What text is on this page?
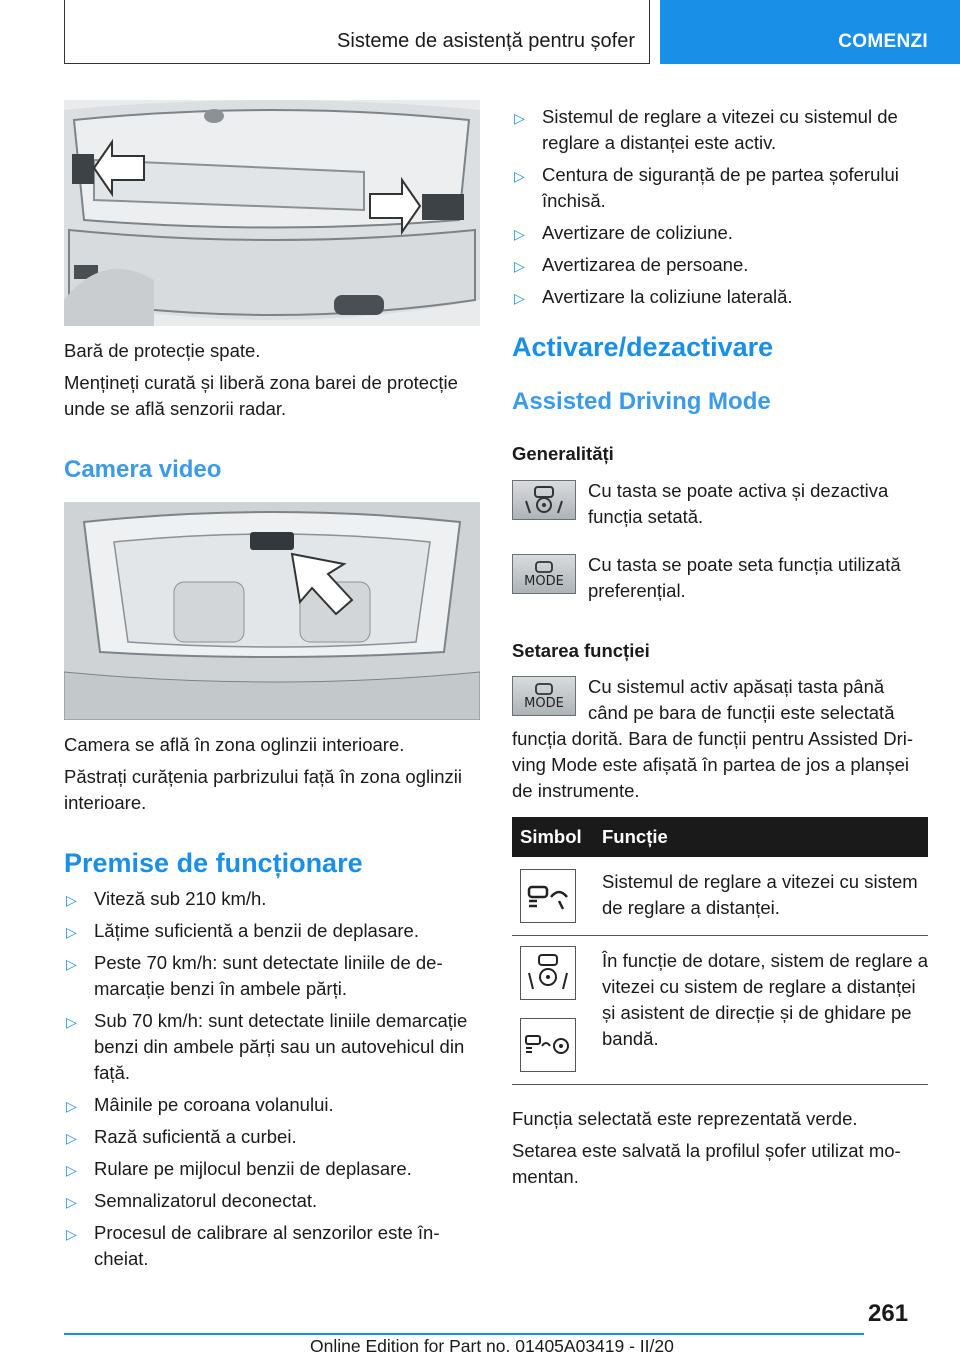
Sisteme de asistență pentru șofer	COMENZI

Bară de protecție spate.

Mențineți curată și liberă zona barei de protecție unde se află senzorii radar.

Camera video

Camera se află în zona oglinzii interioare.

Păstrați curățenia parbrizului față în zona oglinzii interioare.

Premise de funcționare
▷ Viteză sub 210 km/h.
▷ Lățime suficientă a benzii de deplasare.
▷ Peste 70 km/h: sunt detectate liniile de demarcație benzi în ambele părți.
▷ Sub 70 km/h: sunt detectate liniile demarcație benzi din ambele părți sau un autovehicul din față.
▷ Mâinile pe coroana volanului.
▷ Rază suficientă a curbei.
▷ Rulare pe mijlocul benzii de deplasare.
▷ Semnalizatorul deconectat.
▷ Procesul de calibrare al senzorilor este încheiat.
▷ Sistemul de reglare a vitezei cu sistemul de reglare a distanței este activ.
▷ Centura de siguranță de pe partea șoferului închisă.
▷ Avertizare de coliziune.
▷ Avertizarea de persoane.
▷ Avertizare la coliziune laterală.
Activare/dezactivare
Assisted Driving Mode
Generalități

Cu tasta se poate activa și dezactiva funcția setată.

MODE

Cu tasta se poate seta funcția utilizată preferențial.

Setarea funcției
MODE

Cu sistemul activ apăsați tasta până când pe bara de funcții este selectată

funcția dorită. Bara de funcții pentru Assisted Driving Mode este afișată în partea de jos a planșei de instrumente.

Simbol	Funcție

	Sistemul de reglare a vitezei cu sistem de reglare a distanței.

	În funcție de dotare, sistem de reglare a vitezei cu sistem de reglare a distanței și asistent de direcție și de ghidare pe bandă.

Funcția selectată este reprezentată verde.

Setarea este salvată la profilul șofer utilizat momentan.

261
Online Edition for Part no. 01405A03419 - II/20
